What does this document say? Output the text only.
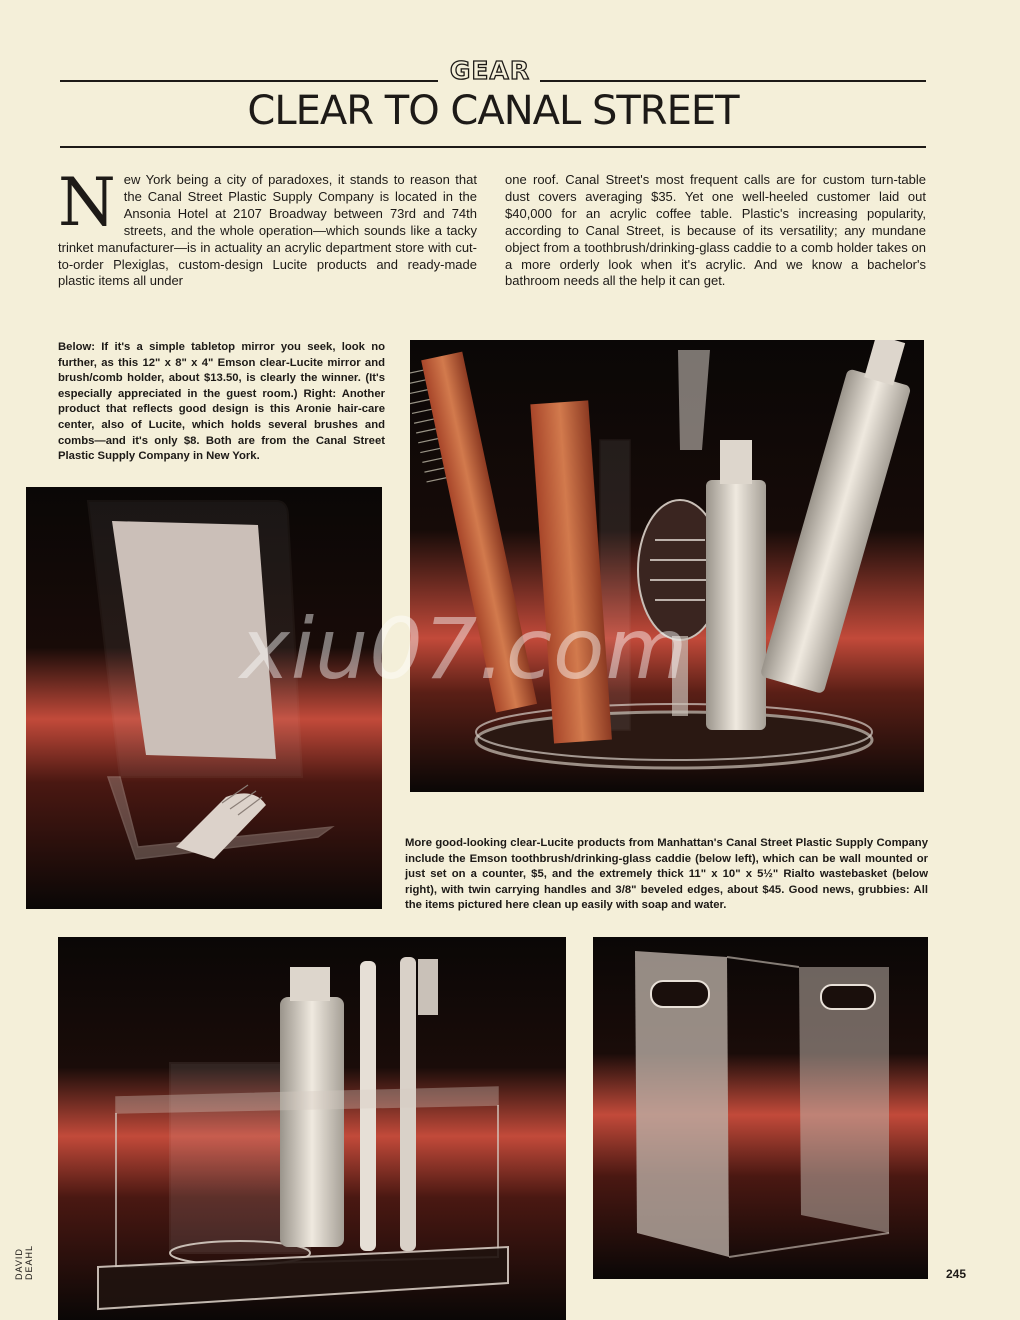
GEAR
CLEAR TO CANAL STREET
N ew York being a city of paradoxes, it stands to reason that the Canal Street Plastic Supply Company is located in the Ansonia Hotel at 2107 Broadway between 73rd and 74th streets, and the whole operation—which sounds like a tacky trinket manufacturer—is in actuality an acrylic department store with cut-to-order Plexiglas, custom-design Lucite products and ready-made plastic items all under
one roof. Canal Street's most frequent calls are for custom turn-table dust covers averaging $35. Yet one well-heeled customer laid out $40,000 for an acrylic coffee table. Plastic's increasing popularity, according to Canal Street, is because of its versatility; any mundane object from a toothbrush/drinking-glass caddie to a comb holder takes on a more orderly look when it's acrylic. And we know a bachelor's bathroom needs all the help it can get.
Below: If it's a simple tabletop mirror you seek, look no further, as this 12" x 8" x 4" Emson clear-Lucite mirror and brush/comb holder, about $13.50, is clearly the winner. (It's especially appreciated in the guest room.) Right: Another product that reflects good design is this Aronie hair-care center, also of Lucite, which holds several brushes and combs—and it's only $8. Both are from the Canal Street Plastic Supply Company in New York.
More good-looking clear-Lucite products from Manhattan's Canal Street Plastic Supply Company include the Emson toothbrush/drinking-glass caddie (below left), which can be wall mounted or just set on a counter, $5, and the extremely thick 11" x 10" x 5½" Rialto wastebasket (below right), with twin carrying handles and 3/8" beveled edges, about $45. Good news, grubbies: All the items pictured here clean up easily with soap and water.
xiu07.com
DAVID DEAHL	245
